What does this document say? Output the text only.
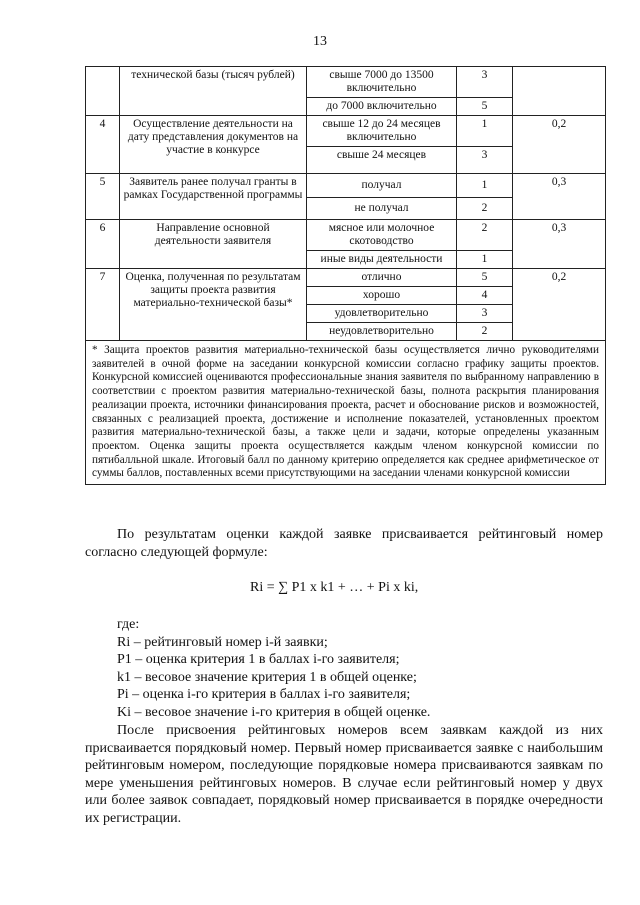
13
	технической базы (тысяч рублей)	свыше 7000 до 13500 включительно	3	
		до 7000 включительно	5	
4	Осуществление деятельности на дату представления документов на участие в конкурсе	свыше 12 до 24 месяцев включительно	1	0,2
		свыше 24 месяцев	3	
5	Заявитель ранее получал гранты в рамках Государственной программы	получал	1	0,3
		не получал	2	
6	Направление основной деятельности заявителя	мясное или молочное скотоводство	2	0,3
		иные виды деятельности	1	
7	Оценка, полученная по результатам защиты проекта развития материально-технической базы*	отлично	5	0,2
		хорошо	4	
		удовлетворительно	3	
		неудовлетворительно	2	
* Защита проектов развития материально-технической базы осуществляется лично руководителями заявителей в очной форме на заседании конкурсной комиссии согласно графику защиты проектов. Конкурсной комиссией оцениваются профессиональные знания заявителя по выбранному направлению в соответствии с проектом развития материально-технической базы, полнота раскрытия планирования реализации проекта, источники финансирования проекта, расчет и обоснование рисков и возможностей, связанных с реализацией проекта, достижение и исполнение показателей, установленных проектом развития материально-технической базы, а также цели и задачи, которые определены указанным проектом. Оценка защиты проекта осуществляется каждым членом конкурсной комиссии по пятибалльной шкале. Итоговый балл по данному критерию определяется как среднее арифметическое от суммы баллов, поставленных всеми присутствующими на заседании членами конкурсной комиссии				

По результатам оценки каждой заявке присваивается рейтинговый номер согласно следующей формуле:

Ri = ∑ P1 x k1 + … + Pi x ki,
где:
Ri – рейтинговый номер i-й заявки;
P1 – оценка критерия 1 в баллах i-го заявителя;
k1 – весовое значение критерия 1 в общей оценке;
Pi – оценка i-го критерия в баллах i-го заявителя;
Ki – весовое значение i-го критерия в общей оценке.

После присвоения рейтинговых номеров всем заявкам каждой из них присваивается порядковый номер. Первый номер присваивается заявке с наибольшим рейтинговым номером, последующие порядковые номера присваиваются заявкам по мере уменьшения рейтинговых номеров. В случае если рейтинговый номер у двух или более заявок совпадает, порядковый номер присваивается в порядке очередности их регистрации.
